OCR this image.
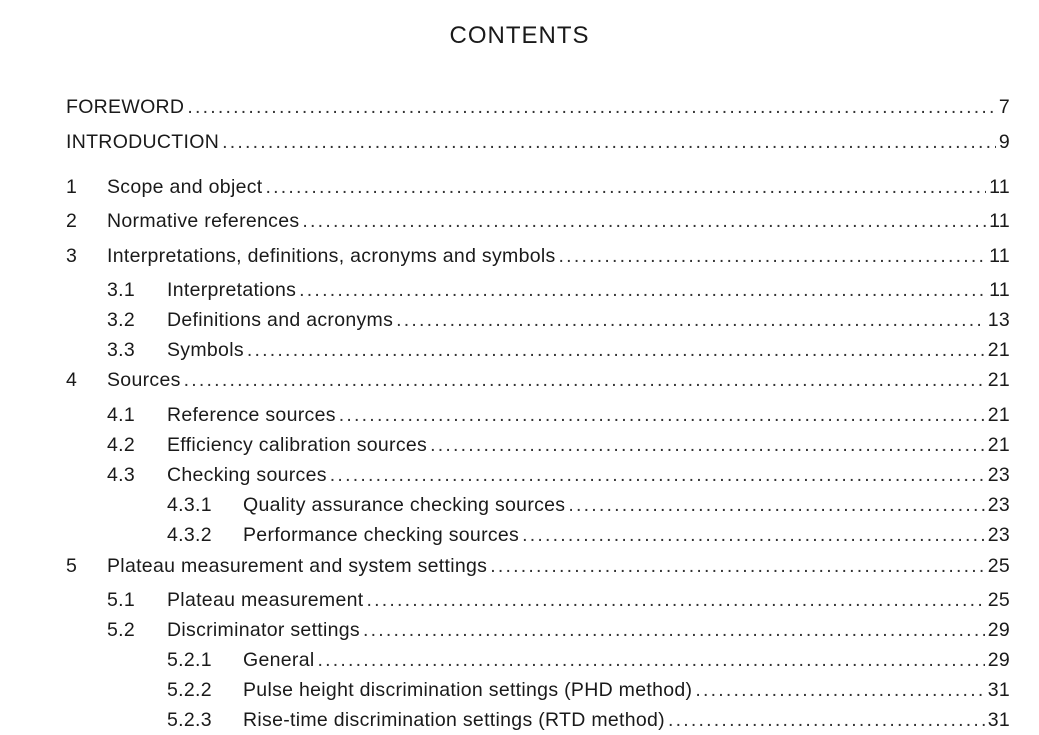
CONTENTS
FOREWORD . . .	7
INTRODUCTION . . .	9
1	Scope and object . . .	11
2	Normative references . . .	11
3	Interpretations, definitions, acronyms and symbols . . .	11
3.1	Interpretations . . .	11
3.2	Definitions and acronyms . . .	13
3.3	Symbols . . .	21
4	Sources . . .	21
4.1	Reference sources . . .	21
4.2	Efficiency calibration sources . . .	21
4.3	Checking sources . . .	23
4.3.1	Quality assurance checking sources . . .	23
4.3.2	Performance checking sources . . .	23
5	Plateau measurement and system settings . . .	25
5.1	Plateau measurement . . .	25
5.2	Discriminator settings . . .	29
5.2.1	General . . .	29
5.2.2	Pulse height discrimination settings (PHD method) . . .	31
5.2.3	Rise-time discrimination settings (RTD method) . . .	31
